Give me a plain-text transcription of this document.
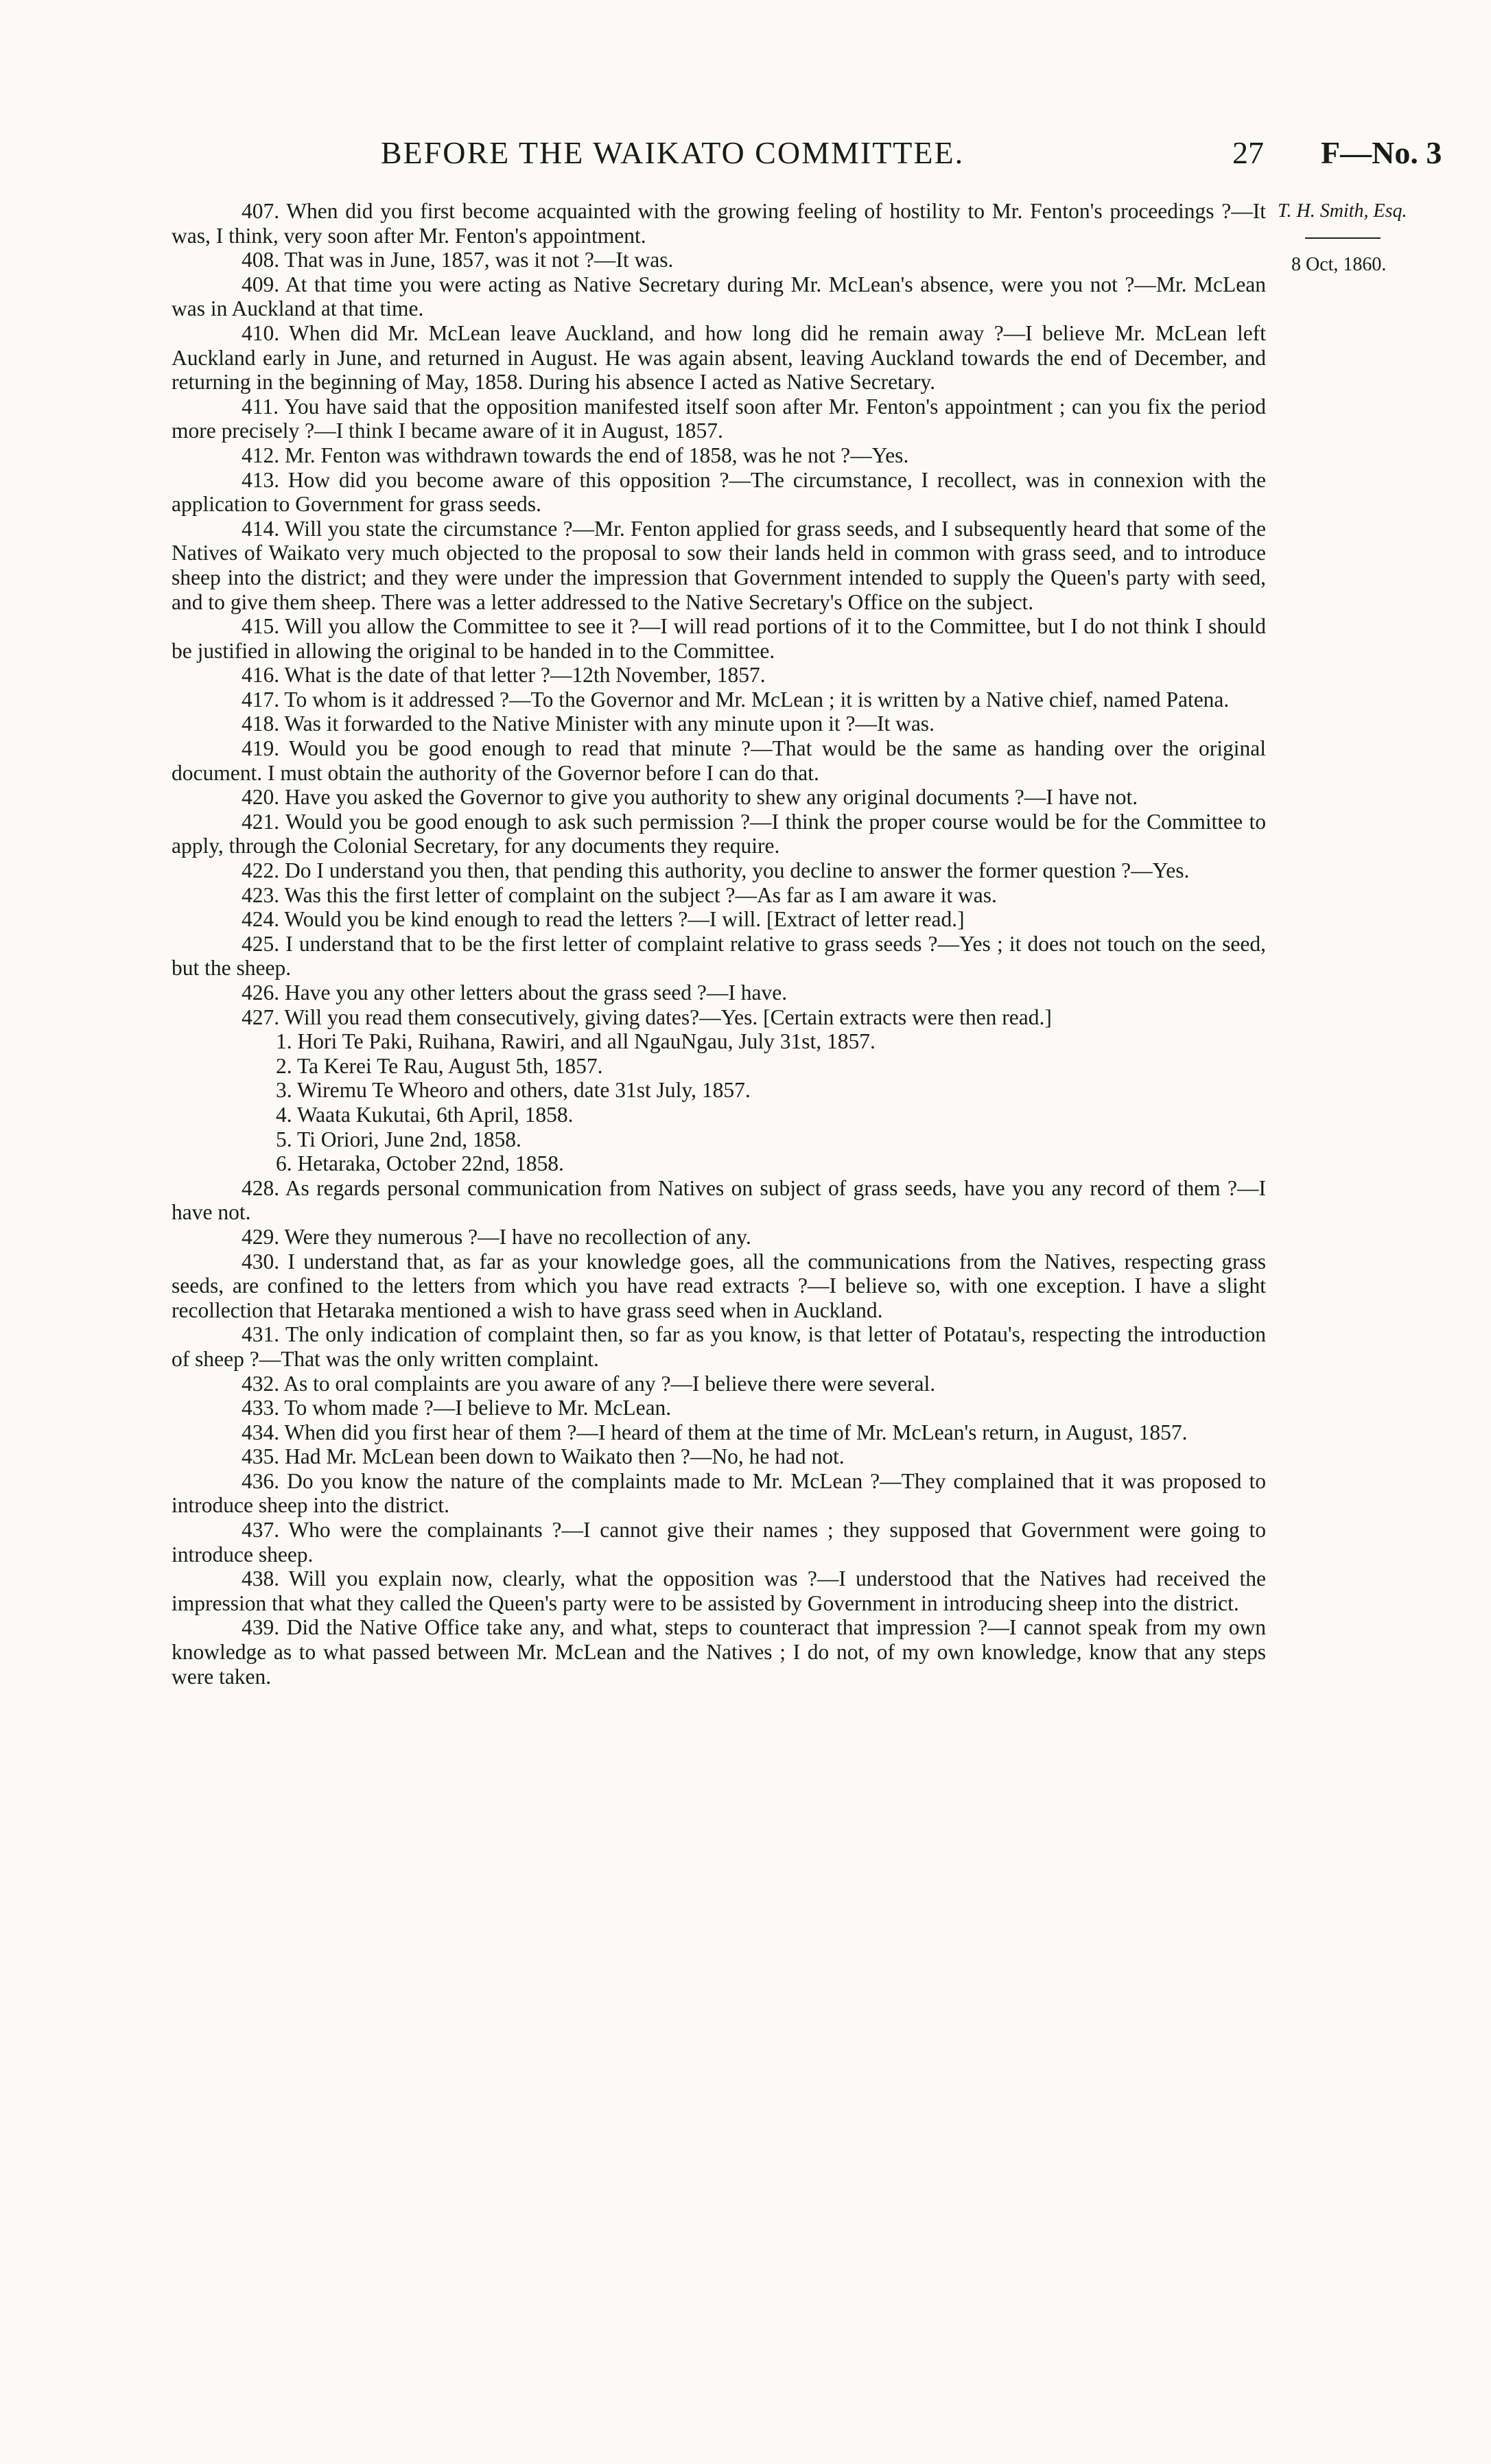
BEFORE THE WAIKATO COMMITTEE.	27 F—No. 3

407. When did you first become acquainted with the growing feeling of hostility to Mr. Fenton's proceedings ?—It was, I think, very soon after Mr. Fenton's appointment.

408. That was in June, 1857, was it not ?—It was.

409. At that time you were acting as Native Secretary during Mr. McLean's absence, were you not ?—Mr. McLean was in Auckland at that time.

410. When did Mr. McLean leave Auckland, and how long did he remain away ?—I believe Mr. McLean left Auckland early in June, and returned in August. He was again absent, leaving Auckland towards the end of December, and returning in the beginning of May, 1858. During his absence I acted as Native Secretary.

411. You have said that the opposition manifested itself soon after Mr. Fenton's appointment ; can you fix the period more precisely ?—I think I became aware of it in August, 1857.

412. Mr. Fenton was withdrawn towards the end of 1858, was he not ?—Yes.

413. How did you become aware of this opposition ?—The circumstance, I recollect, was in connexion with the application to Government for grass seeds.

414. Will you state the circumstance ?—Mr. Fenton applied for grass seeds, and I subsequently heard that some of the Natives of Waikato very much objected to the proposal to sow their lands held in common with grass seed, and to introduce sheep into the district; and they were under the impression that Government intended to supply the Queen's party with seed, and to give them sheep. There was a letter addressed to the Native Secretary's Office on the subject.

415. Will you allow the Committee to see it ?—I will read portions of it to the Committee, but I do not think I should be justified in allowing the original to be handed in to the Committee.

416. What is the date of that letter ?—12th November, 1857.

417. To whom is it addressed ?—To the Governor and Mr. McLean ; it is written by a Native chief, named Patena.

418. Was it forwarded to the Native Minister with any minute upon it ?—It was.

419. Would you be good enough to read that minute ?—That would be the same as handing over the original document. I must obtain the authority of the Governor before I can do that.

420. Have you asked the Governor to give you authority to shew any original documents ?—I have not.

421. Would you be good enough to ask such permission ?—I think the proper course would be for the Committee to apply, through the Colonial Secretary, for any documents they require.

422. Do I understand you then, that pending this authority, you decline to answer the former question ?—Yes.

423. Was this the first letter of complaint on the subject ?—As far as I am aware it was.

424. Would you be kind enough to read the letters ?—I will. [Extract of letter read.]

425. I understand that to be the first letter of complaint relative to grass seeds ?—Yes ; it does not touch on the seed, but the sheep.

426. Have you any other letters about the grass seed ?—I have.

427. Will you read them consecutively, giving dates?—Yes. [Certain extracts were then read.]

1. Hori Te Paki, Ruihana, Rawiri, and all NgauNgau, July 31st, 1857.

2. Ta Kerei Te Rau, August 5th, 1857.

3. Wiremu Te Wheoro and others, date 31st July, 1857.

4. Waata Kukutai, 6th April, 1858.

5. Ti Oriori, June 2nd, 1858.

6. Hetaraka, October 22nd, 1858.

428. As regards personal communication from Natives on subject of grass seeds, have you any record of them ?—I have not.

429. Were they numerous ?—I have no recollection of any.

430. I understand that, as far as your knowledge goes, all the communications from the Natives, respecting grass seeds, are confined to the letters from which you have read extracts ?—I believe so, with one exception. I have a slight recollection that Hetaraka mentioned a wish to have grass seed when in Auckland.

431. The only indication of complaint then, so far as you know, is that letter of Potatau's, respecting the introduction of sheep ?—That was the only written complaint.

432. As to oral complaints are you aware of any ?—I believe there were several.

433. To whom made ?—I believe to Mr. McLean.

434. When did you first hear of them ?—I heard of them at the time of Mr. McLean's return, in August, 1857.

435. Had Mr. McLean been down to Waikato then ?—No, he had not.

436. Do you know the nature of the complaints made to Mr. McLean ?—They complained that it was proposed to introduce sheep into the district.

437. Who were the complainants ?—I cannot give their names ; they supposed that Government were going to introduce sheep.

438. Will you explain now, clearly, what the opposition was ?—I understood that the Natives had received the impression that what they called the Queen's party were to be assisted by Government in introducing sheep into the district.

439. Did the Native Office take any, and what, steps to counteract that impression ?—I cannot speak from my own knowledge as to what passed between Mr. McLean and the Natives ; I do not, of my own knowledge, know that any steps were taken.

T. H. Smith, Esq.
8 Oct, 1860.
